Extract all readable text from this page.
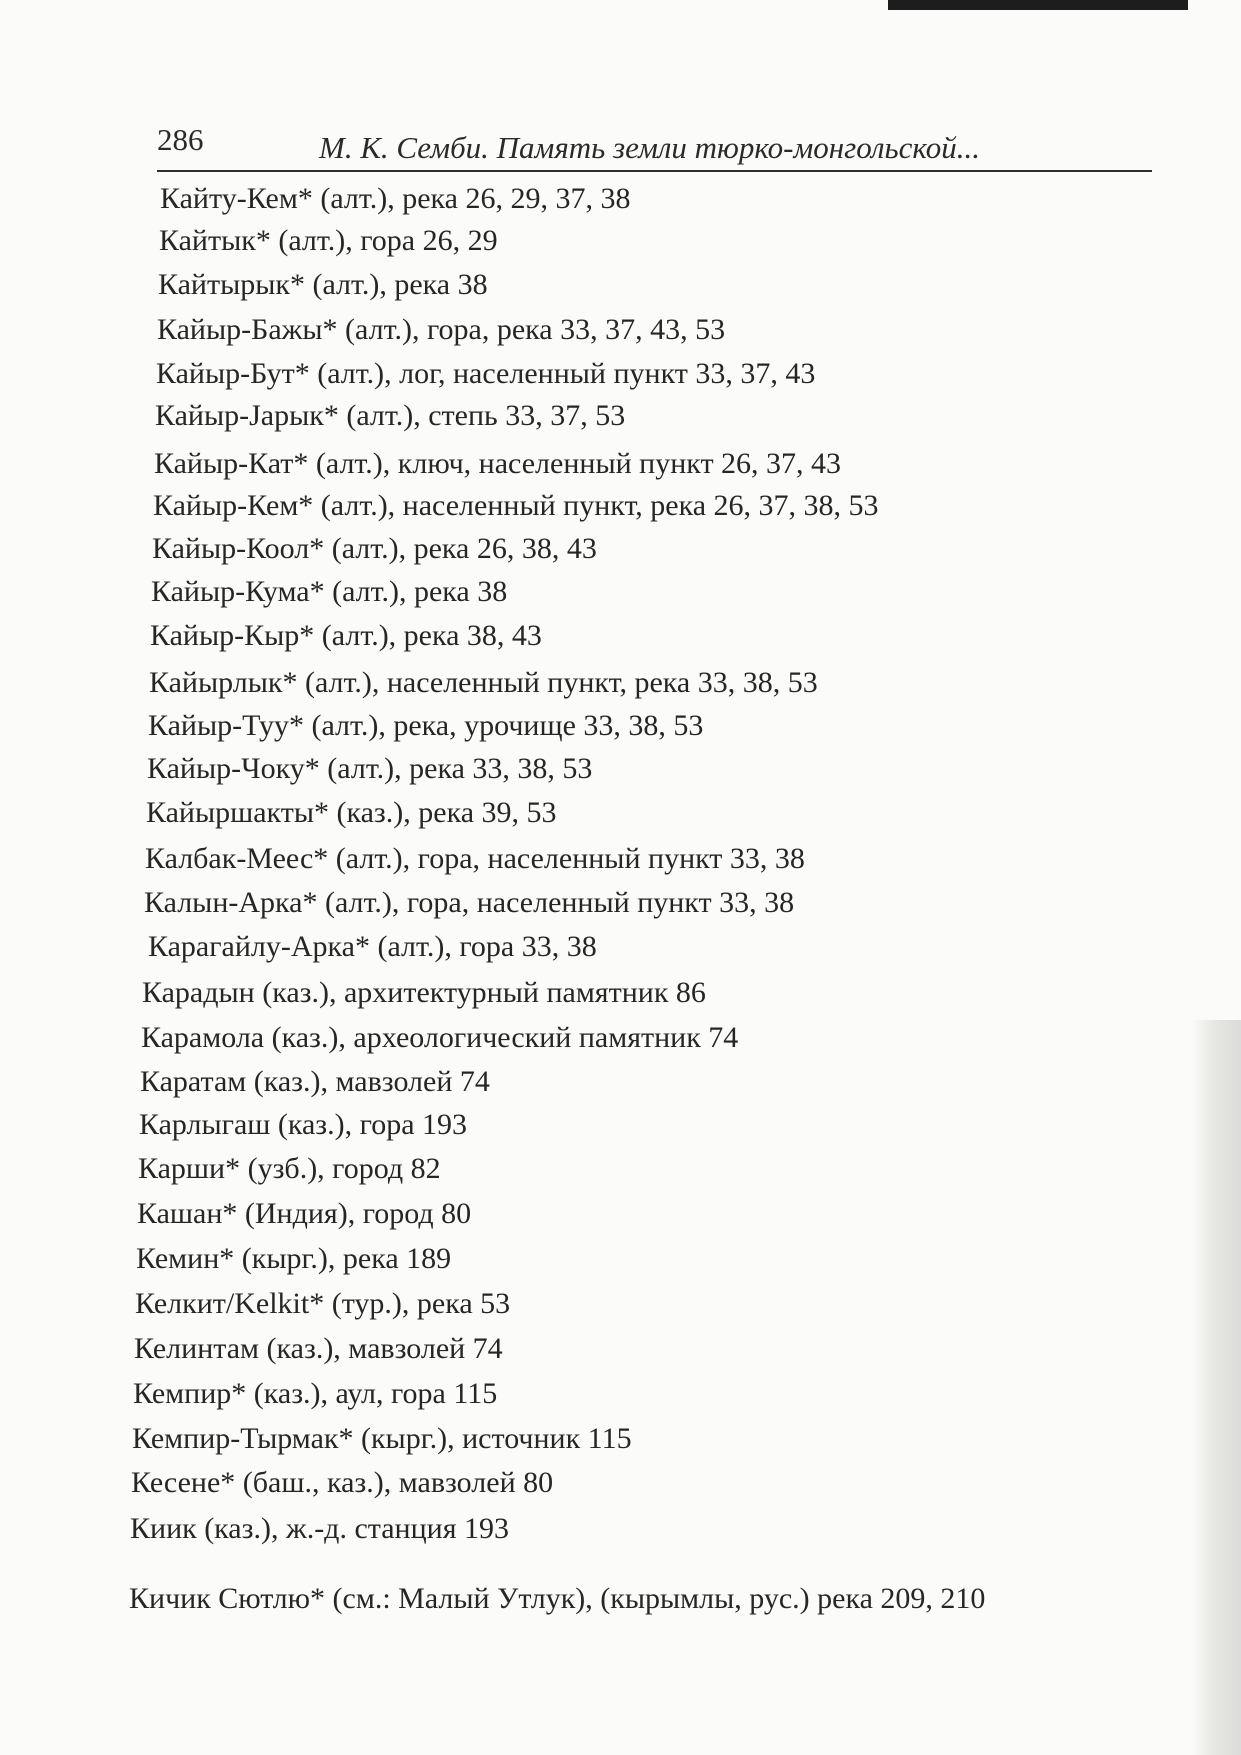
286	М. К. Семби. Память земли тюрко-монгольской...
Кайту-Кем* (алт.), река 26, 29, 37, 38
Кайтык* (алт.), гора 26, 29
Кайтырык* (алт.), река 38
Кайыр-Бажы* (алт.), гора, река 33, 37, 43, 53
Кайыр-Бут* (алт.), лог, населенный пункт 33, 37, 43
Кайыр-Јарык* (алт.), степь 33, 37, 53
Кайыр-Кат* (алт.), ключ, населенный пункт 26, 37, 43
Кайыр-Кем* (алт.), населенный пункт, река 26, 37, 38, 53
Кайыр-Коол* (алт.), река 26, 38, 43
Кайыр-Кума* (алт.), река 38
Кайыр-Кыр* (алт.), река 38, 43
Кайырлык* (алт.), населенный пункт, река 33, 38, 53
Кайыр-Туу* (алт.), река, урочище 33, 38, 53
Кайыр-Чоку* (алт.), река 33, 38, 53
Кайыршакты* (каз.), река 39, 53
Калбак-Меес* (алт.), гора, населенный пункт 33, 38
Калын-Арка* (алт.), гора, населенный пункт 33, 38
Карагайлу-Арка* (алт.), гора 33, 38
Карадын (каз.), архитектурный памятник 86
Карамола (каз.), археологический памятник 74
Каратам (каз.), мавзолей 74
Карлыгаш (каз.), гора 193
Карши* (узб.), город 82
Кашан* (Индия), город 80
Кемин* (кырг.), река 189
Келкит/Kelkit* (тур.), река 53
Келинтам (каз.), мавзолей 74
Кемпир* (каз.), аул, гора 115
Кемпир-Тырмак* (кырг.), источник 115
Кесене* (баш., каз.), мавзолей 80
Киик (каз.), ж.-д. станция 193
Кичик Сютлю* (см.: Малый Утлук), (кырымлы, рус.) река 209, 210
